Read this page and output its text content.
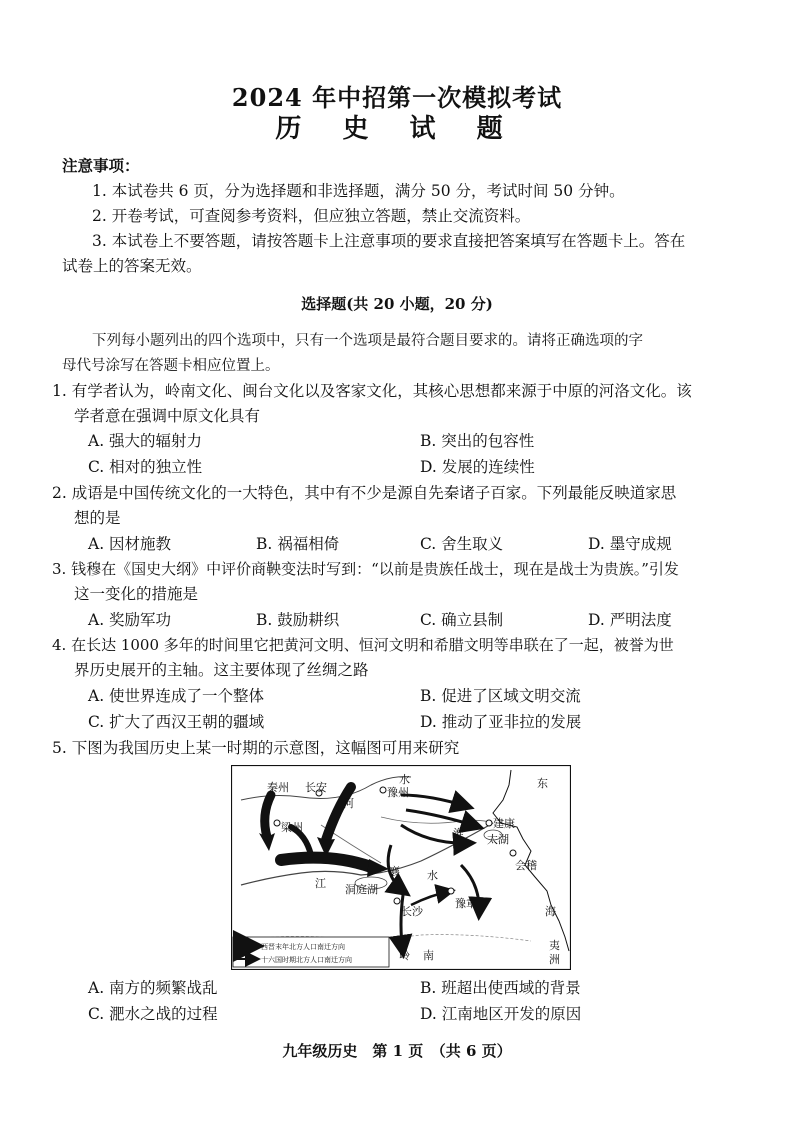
2024 年中招第一次模拟考试
历 史 试 题
注意事项：
1. 本试卷共 6 页，分为选择题和非选择题，满分 50 分，考试时间 50 分钟。
2. 开卷考试，可查阅参考资料，但应独立答题，禁止交流资料。
3. 本试卷上不要答题，请按答题卡上注意事项的要求直接把答案填写在答题卡上。答在
试卷上的答案无效。
选择题(共 20 小题，20 分)
下列每小题列出的四个选项中，只有一个选项是最符合题目要求的。请将正确选项的字
母代号涂写在答题卡相应位置上。
1. 有学者认为，岭南文化、闽台文化以及客家文化，其核心思想都来源于中原的河洛文化。该
学者意在强调中原文化具有
A. 强大的辐射力	B. 突出的包容性
C. 相对的独立性	D. 发展的连续性
2. 成语是中国传统文化的一大特色，其中有不少是源自先秦诸子百家。下列最能反映道家思
想的是
A. 因材施教	B. 祸福相倚	C. 舍生取义	D. 墨守成规
3. 钱穆在《国史大纲》中评价商鞅变法时写到：“以前是贵族任战士，现在是战士为贵族。”引发
这一变化的措施是
A. 奖励军功	B. 鼓励耕织	C. 确立县制	D. 严明法度
4. 在长达 1000 多年的时间里它把黄河文明、恒河文明和希腊文明等串联在了一起，被誉为世
界历史展开的主轴。这主要体现了丝绸之路
A. 使世界连成了一个整体	B. 促进了区域文明交流
C. 扩大了西汉王朝的疆域	D. 推动了亚非拉的发展
5. 下图为我国历史上某一时期的示意图，这幅图可用来研究
秦州 长安
河
水
豫州
东
梁州	淮
建康
太湖
江 洞庭湖
襄 水
会稽
豫章
长沙	海
岭 南
夷
洲
西晋末年北方人口南迁方向
十六国时期北方人口南迁方向
A. 南方的频繁战乱	B. 班超出使西域的背景
C. 淝水之战的过程	D. 江南地区开发的原因
九年级历史　第 1 页　（共 6 页）
